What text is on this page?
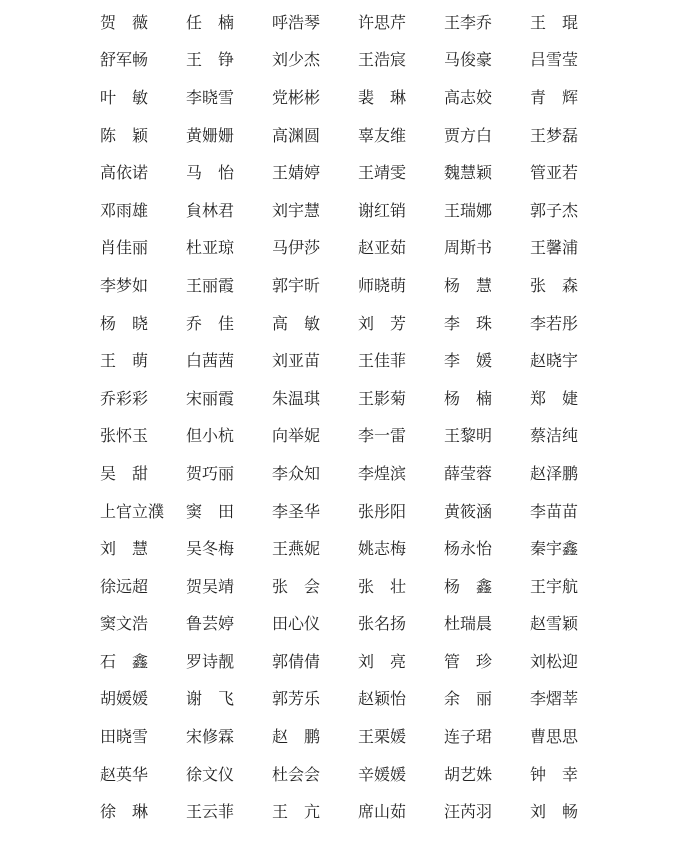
贺　薇	任　楠	呼浩琴	许思芹	王李乔	王　琨
舒军畅	王　铮	刘少杰	王浩宸	马俊豪	吕雪莹
叶　敏	李晓雪	党彬彬	裴　琳	高志姣	青　辉
陈　颖	黄姗姗	高渊圆	辜友维	贾方白	王梦磊
高依诺	马　怡	王婧婷	王靖雯	魏慧颖	管亚若
邓雨雄	貟林君	刘宇慧	谢红销	王瑞娜	郭子杰
肖佳丽	杜亚琼	马伊莎	赵亚茹	周斯书	王馨浦
李梦如	王丽霞	郭宇昕	师晓萌	杨　慧	张　森
杨　晓	乔　佳	高　敏	刘　芳	李　珠	李若彤
王　萌	白茜茜	刘亚苗	王佳菲	李　媛	赵晓宇
乔彩彩	宋丽霞	朱温琪	王影菊	杨　楠	郑　婕
张怀玉	但小杭	向举妮	李一雷	王黎明	蔡洁纯
吴　甜	贺巧丽	李众知	李煌滨	薛莹蓉	赵泽鹏
上官立濮	窦　田	李圣华	张彤阳	黄筱涵	李苗苗
刘　慧	吴冬梅	王燕妮	姚志梅	杨永怡	秦宇鑫
徐远超	贺吴靖	张　会	张　壮	杨　鑫	王宇航
窦文浩	鲁芸婷	田心仪	张名扬	杜瑞晨	赵雪颖
石　鑫	罗诗靓	郭倩倩	刘　亮	管　珍	刘松迎
胡媛媛	谢　飞	郭芳乐	赵颖怡	余　丽	李熠莘
田晓雪	宋修霖	赵　鹏	王栗媛	连子珺	曹思思
赵英华	徐文仪	杜会会	辛媛媛	胡艺姝	钟　幸
徐　琳	王云菲	王　亢	席山茹	汪芮羽	刘　畅
